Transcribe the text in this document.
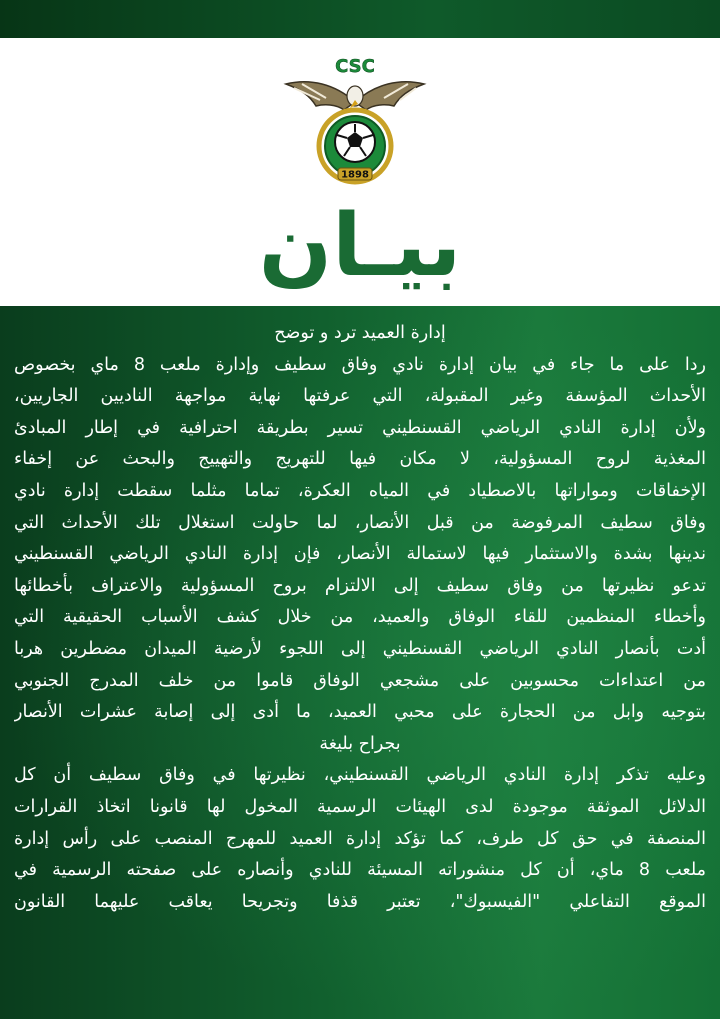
1898
CSC
بيـان
إدارة العميد ترد و توضح
ردا على ما جاء في بيان إدارة نادي وفاق سطيف وإدارة ملعب 8 ماي بخصوص
الأحداث المؤسفة وغير المقبولة، التي عرفتها نهاية مواجهة الناديين الجاريين،
ولأن إدارة النادي الرياضي القسنطيني تسير بطريقة احترافية في إطار المبادئ
المغذية لروح المسؤولية، لا مكان فيها للتهريج والتهييج والبحث عن إخفاء
الإخفاقات ومواراتها بالاصطياد في المياه العكرة، تماما مثلما سقطت إدارة نادي
وفاق سطيف المرفوضة من قبل الأنصار، لما حاولت استغلال تلك الأحداث التي
ندينها بشدة والاستثمار فيها لاستمالة الأنصار، فإن إدارة النادي الرياضي القسنطيني
تدعو نظيرتها من وفاق سطيف إلى الالتزام بروح المسؤولية والاعتراف بأخطائها
وأخطاء المنظمين للقاء الوفاق والعميد، من خلال كشف الأسباب الحقيقية التي
أدت بأنصار النادي الرياضي القسنطيني إلى اللجوء لأرضية الميدان مضطرين هربا
من اعتداءات محسوبين على مشجعي الوفاق قاموا من خلف المدرج الجنوبي
بتوجيه وابل من الحجارة على محبي العميد، ما أدى إلى إصابة عشرات الأنصار
بجراح بليغة
وعليه تذكر إدارة النادي الرياضي القسنطيني، نظيرتها في وفاق سطيف أن كل
الدلائل الموثقة موجودة لدى الهيئات الرسمية المخول لها قانونا اتخاذ القرارات
المنصفة في حق كل طرف، كما تؤكد إدارة العميد للمهرج المنصب على رأس إدارة
ملعب 8 ماي، أن كل منشوراته المسيئة للنادي وأنصاره على صفحته الرسمية في
الموقع التفاعلي "الفيسبوك"، تعتبر قذفا وتجريحا يعاقب عليهما القانون
